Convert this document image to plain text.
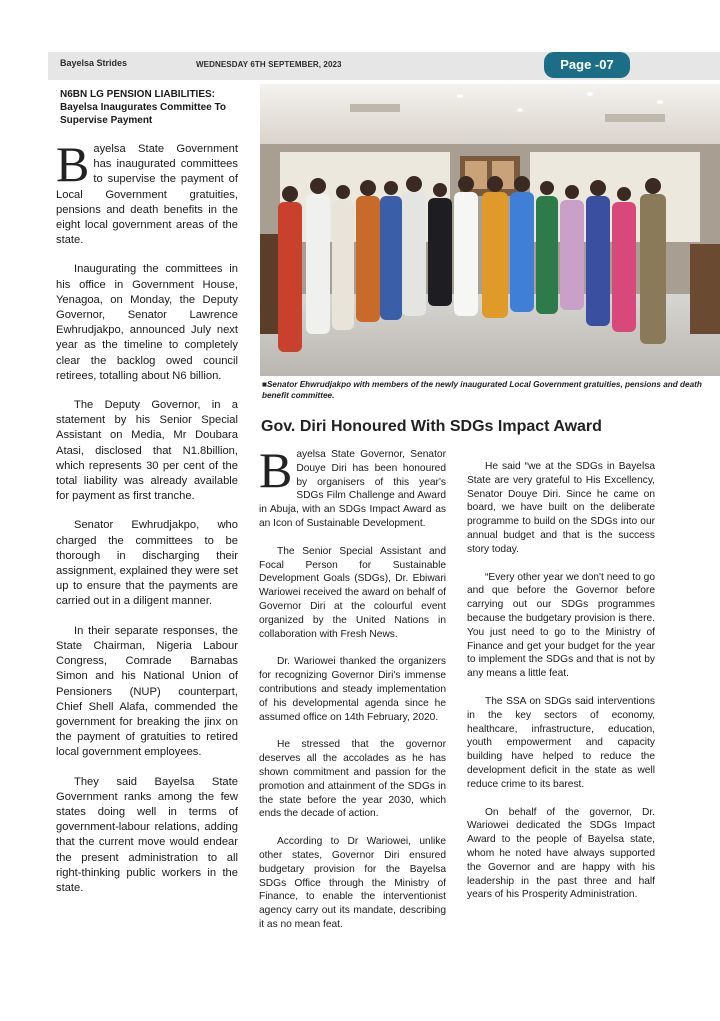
Bayelsa Strides	WEDNESDAY 6TH SEPTEMBER, 2023	Page -07
N6BN LG PENSION LIABILITIES: Bayelsa Inaugurates Committee To Supervise Payment

Bayelsa State Government has inaugurated committees to supervise the payment of Local Government gratuities, pensions and death benefits in the eight local government areas of the state.

Inaugurating the committees in his office in Government House, Yenagoa, on Monday, the Deputy Governor, Senator Lawrence Ewhrudjakpo, announced July next year as the timeline to completely clear the backlog owed council retirees, totalling about N6 billion.

The Deputy Governor, in a statement by his Senior Special Assistant on Media, Mr Doubara Atasi, disclosed that N1.8billion, which represents 30 per cent of the total liability was already available for payment as first tranche.

Senator Ewhrudjakpo, who charged the committees to be thorough in discharging their assignment, explained they were set up to ensure that the payments are carried out in a diligent manner.

In their separate responses, the State Chairman, Nigeria Labour Congress, Comrade Barnabas Simon and his National Union of Pensioners (NUP) counterpart, Chief Shell Alafa, commended the government for breaking the jinx on the payment of gratuities to retired local government employees.

They said Bayelsa State Government ranks among the few states doing well in terms of government-labour relations, adding that the current move would endear the present administration to all right-thinking public workers in the state.

■Senator Ehwrudjakpo with members of the newly inaugurated Local Government gratuities, pensions and death benefit committee.
Gov. Diri Honoured With SDGs Impact Award

Bayelsa State Governor, Senator Douye Diri has been honoured by organisers of this year's SDGs Film Challenge and Award in Abuja, with an SDGs Impact Award as an Icon of Sustainable Development.

The Senior Special Assistant and Focal Person for Sustainable Development Goals (SDGs), Dr. Ebiwari Wariowei received the award on behalf of Governor Diri at the colourful event organized by the United Nations in collaboration with Fresh News.

Dr. Wariowei thanked the organizers for recognizing Governor Diri's immense contributions and steady implementation of his developmental agenda since he assumed office on 14th February, 2020.

He stressed that the governor deserves all the accolades as he has shown commitment and passion for the promotion and attainment of the SDGs in the state before the year 2030, which ends the decade of action.

According to Dr Wariowei, unlike other states, Governor Diri ensured budgetary provision for the Bayelsa SDGs Office through the Ministry of Finance, to enable the interventionist agency carry out its mandate, describing it as no mean feat.

He said “we at the SDGs in Bayelsa State are very grateful to His Excellency, Senator Douye Diri. Since he came on board, we have built on the deliberate programme to build on the SDGs into our annual budget and that is the success story today.

“Every other year we don't need to go and que before the Governor before carrying out our SDGs programmes because the budgetary provision is there. You just need to go to the Ministry of Finance and get your budget for the year to implement the SDGs and that is not by any means a little feat.

The SSA on SDGs said interventions in the key sectors of economy, healthcare, infrastructure, education, youth empowerment and capacity building have helped to reduce the development deficit in the state as well reduce crime to its barest.

On behalf of the governor, Dr. Wariowei dedicated the SDGs Impact Award to the people of Bayelsa state, whom he noted have always supported the Governor and are happy with his leadership in the past three and half years of his Prosperity Administration.
